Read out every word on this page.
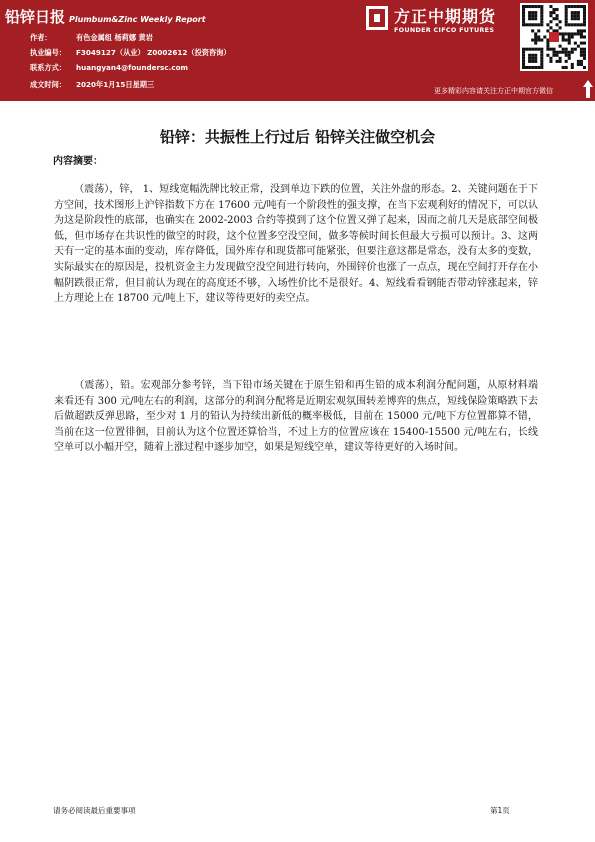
铅锌日报 Plumbum&Zinc Weekly Report
作者：	有色金属组 杨莉娜 黄岩
执业编号： F3049127（从业） Z0002612（投资咨询）
联系方式： huangyan4@foundersc.com
成文时间： 2020年1月15日星期三
方正中期期货
FOUNDER CIFCO FUTURES
更多精彩内容请关注方正中期官方微信
铅锌：共振性上行过后 铅锌关注做空机会
内容摘要：
（震荡），锌， 1、短线宽幅洗牌比较正常，没到单边下跌的位置，关注外盘的形态。2、关键问题在于下方空间，技术图形上沪锌指数下方在 17600 元/吨有一个阶段性的强支撑，在当下宏观利好的情况下，可以认为这是阶段性的底部，也确实在 2002-2003 合约等摸到了这个位置又弹了起来，因而之前几天是底部空间极低，但市场存在共识性的做空的时段，这个位置多空没空间，做多等候时间长但最大亏损可以预计。3、这两天有一定的基本面的变动，库存降低，国外库存和现货都可能紧张，但要注意这都是常态，没有太多的变数，实际最实在的原因是，投机资金主力发现做空没空间进行转向，外围锌价也涨了一点点，现在空间打开存在小幅阴跌很正常，但目前认为现在的高度还不够，入场性价比不是很好。4、短线看看钢能否带动锌涨起来，锌上方理论上在 18700 元/吨上下，建议等待更好的卖空点。
（震荡），铅。宏观部分参考锌，当下铅市场关键在于原生铅和再生铅的成本利润分配问题，从原材料端来看还有 300 元/吨左右的利润，这部分的利润分配将是近期宏观氛围转差博弈的焦点，短线保险策略跌下去后做超跌反弹思路，至少对 1 月的铅认为持续出新低的概率极低，目前在 15000 元/吨下方位置都算不错，当前在这一位置徘徊，目前认为这个位置还算恰当，不过上方的位置应该在 15400-15500 元/吨左右，长线空单可以小幅开空，随着上涨过程中逐步加空，如果是短线空单，建议等待更好的入场时间。
请务必阅读最后重要事项	第1页
